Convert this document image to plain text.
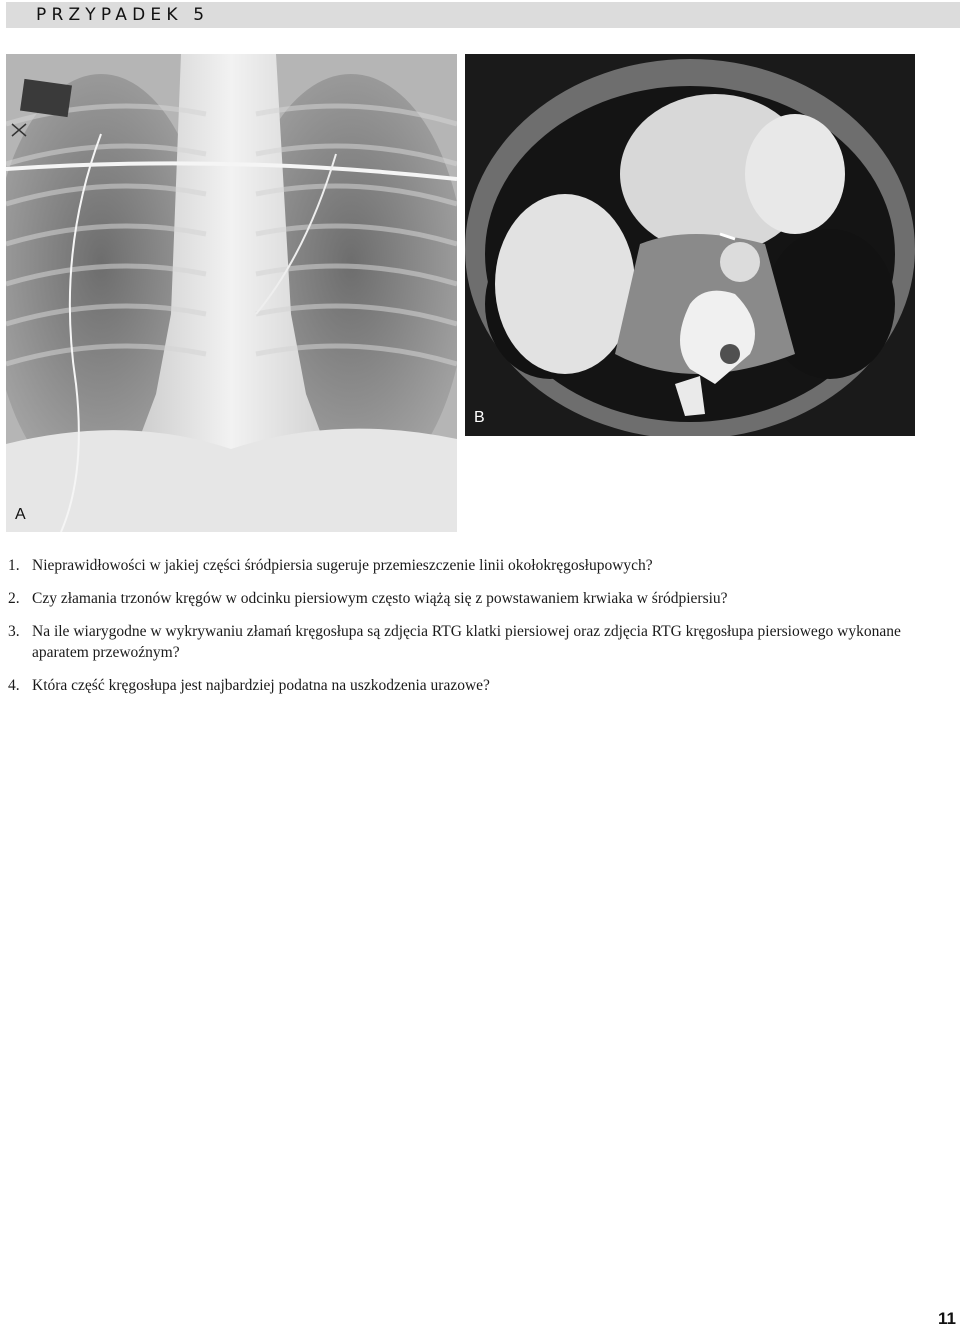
PRZYPADEK 5
A
B
1. Nieprawidłowości w jakiej części śródpiersia sugeruje przemieszczenie linii okołokręgosłupowych?
2. Czy złamania trzonów kręgów w odcinku piersiowym często wiążą się z powstawaniem krwiaka w śródpiersiu?
3. Na ile wiarygodne w wykrywaniu złamań kręgosłupa są zdjęcia RTG klatki piersiowej oraz zdjęcia RTG kręgosłupa piersiowego wykonane aparatem przewoźnym?
4. Która część kręgosłupa jest najbardziej podatna na uszkodzenia urazowe?
11
